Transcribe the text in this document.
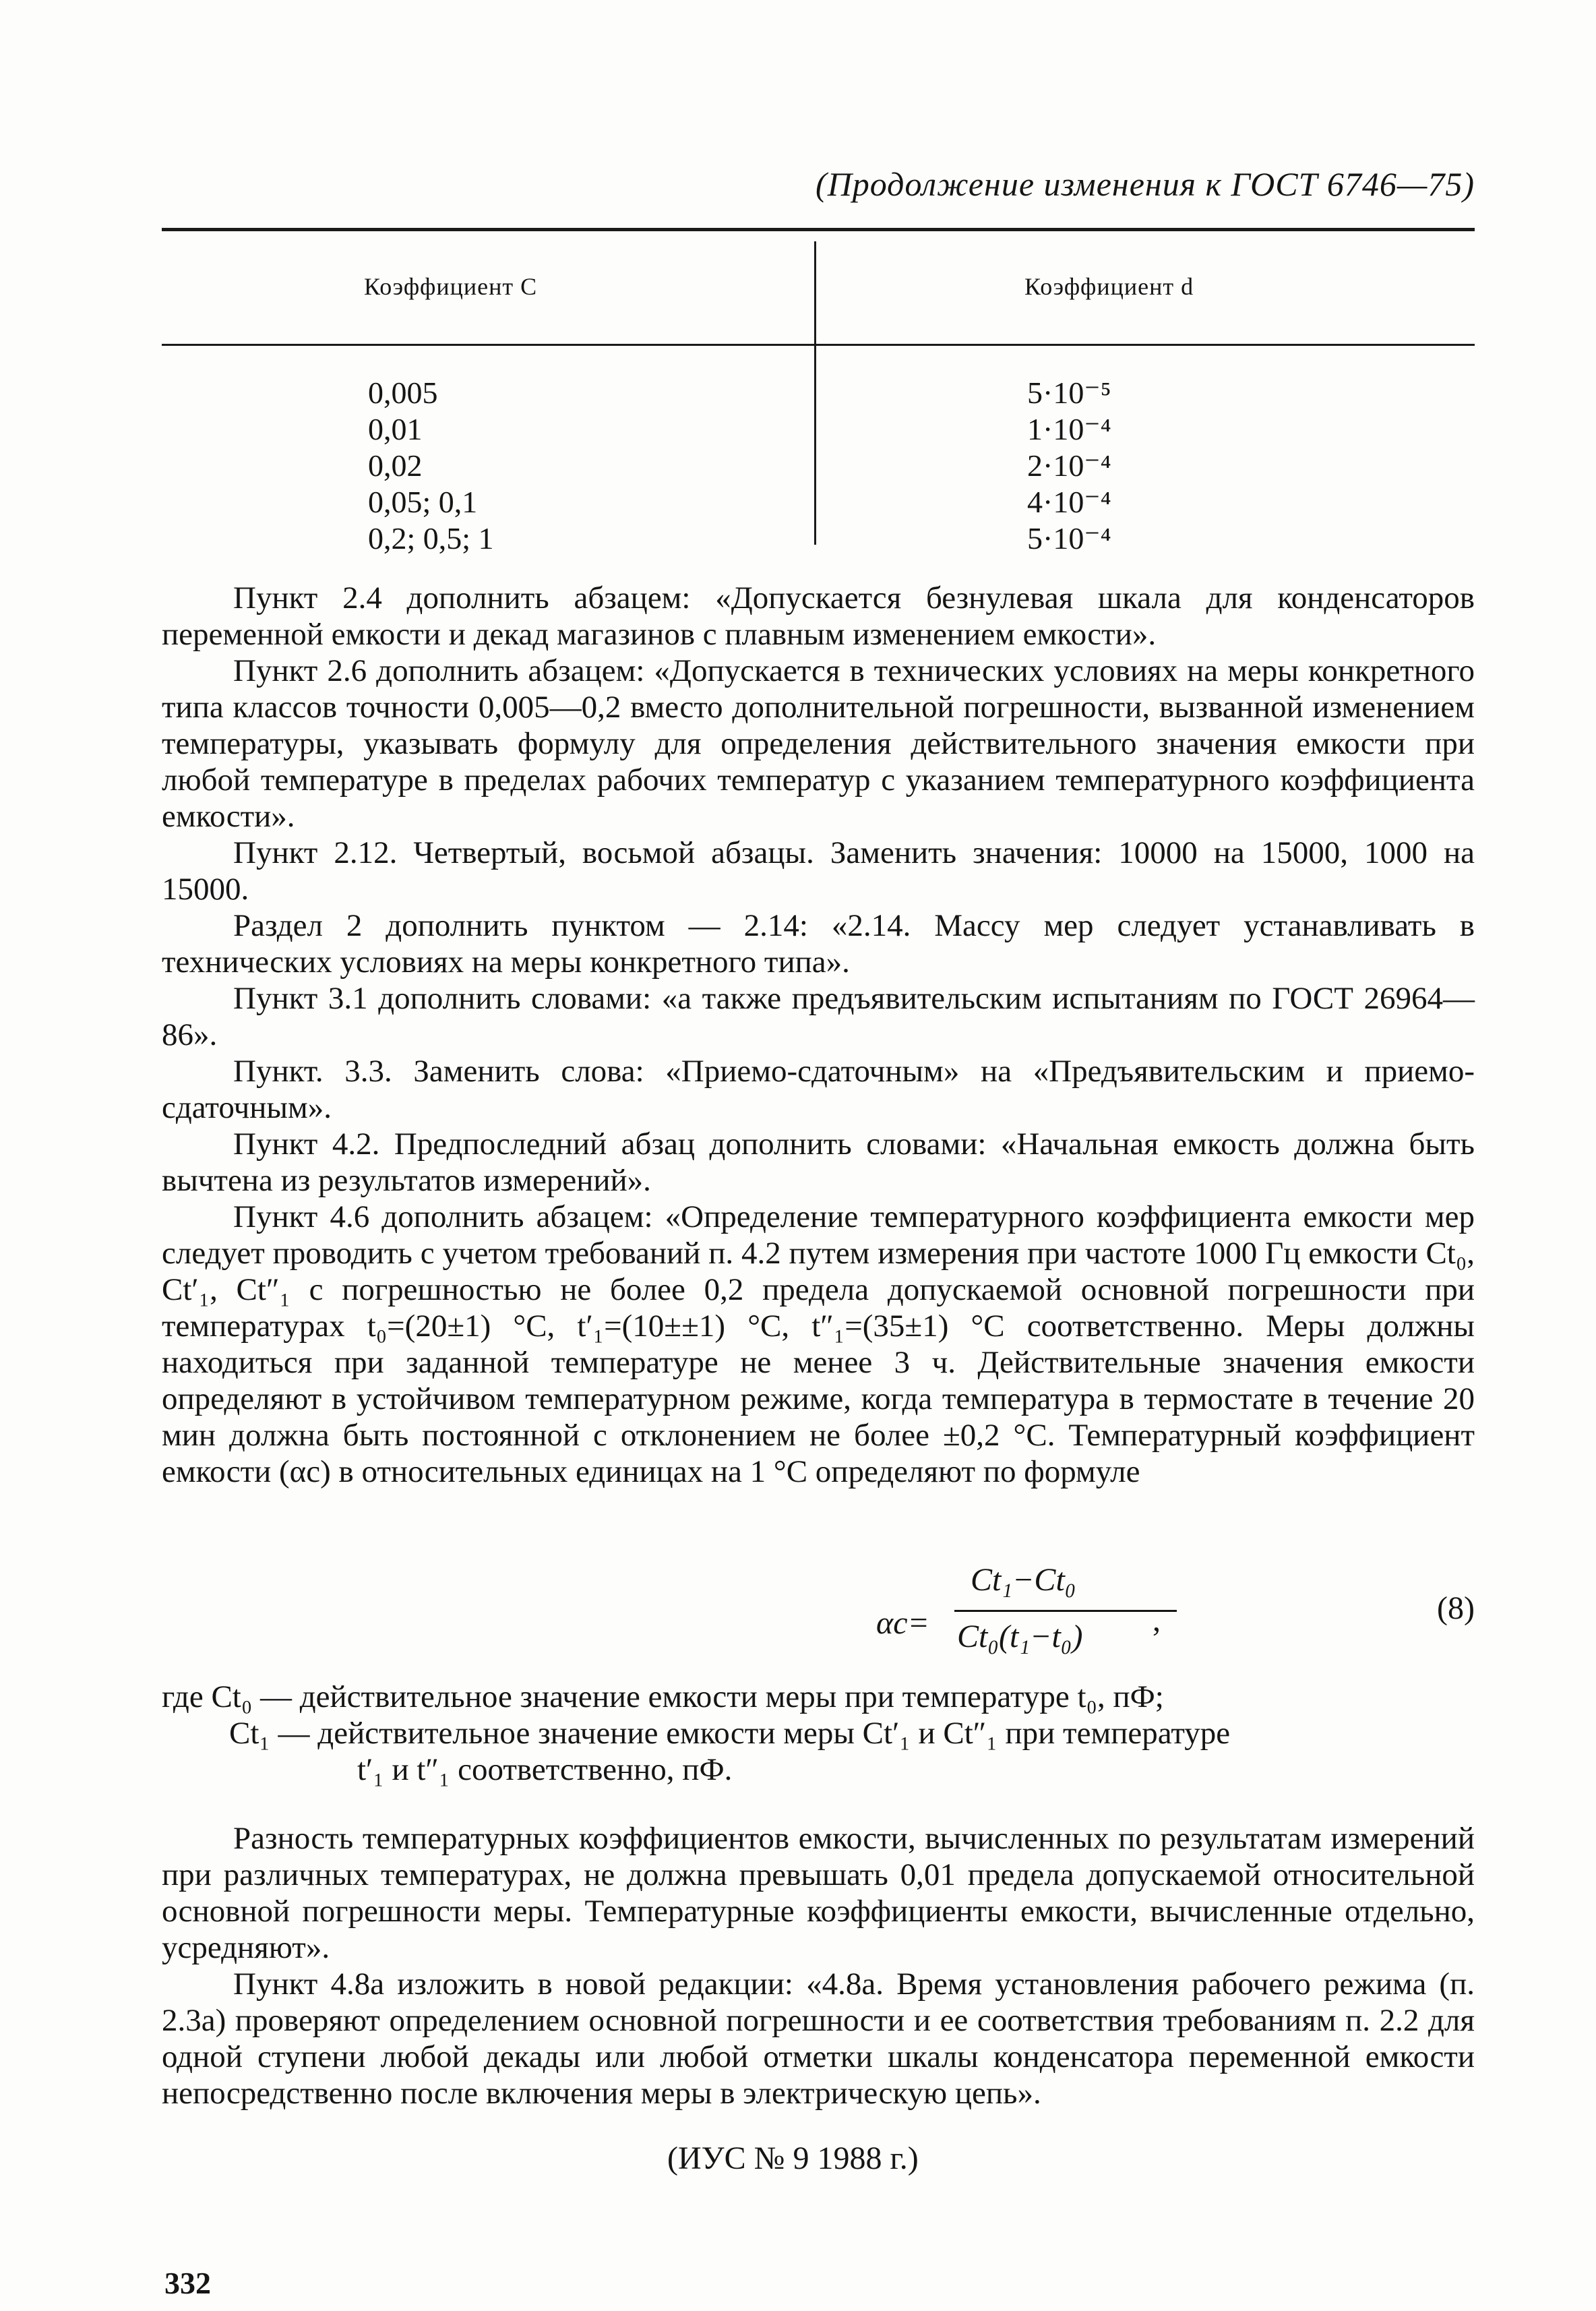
(Продолжение изменения к ГОСТ 6746—75)
Коэффициент C	Коэффициент d
0,005
0,01
0,02
0,05; 0,1
0,2; 0,5; 1
5·10⁻⁵
1·10⁻⁴
2·10⁻⁴
4·10⁻⁴
5·10⁻⁴

Пункт 2.4 дополнить абзацем: «Допускается безнулевая шкала для конденсаторов переменной емкости и декад магазинов с плавным изменением емкости».

Пункт 2.6 дополнить абзацем: «Допускается в технических условиях на меры конкретного типа классов точности 0,005—0,2 вместо дополнительной погрешности, вызванной изменением температуры, указывать формулу для определения действительного значения емкости при любой температуре в пределах рабочих температур с указанием температурного коэффициента емкости».

Пункт 2.12. Четвертый, восьмой абзацы. Заменить значения: 10000 на 15000, 1000 на 15000.

Раздел 2 дополнить пунктом — 2.14: «2.14. Массу мер следует устанавливать в технических условиях на меры конкретного типа».

Пункт 3.1 дополнить словами: «а также предъявительским испытаниям по ГОСТ 26964—86».

Пункт. 3.3. Заменить слова: «Приемо-сдаточным» на «Предъявительским и приемо-сдаточным».

Пункт 4.2. Предпоследний абзац дополнить словами: «Начальная емкость должна быть вычтена из результатов измерений».

Пункт 4.6 дополнить абзацем: «Определение температурного коэффициента емкости мер следует проводить с учетом требований п. 4.2 путем измерения при частоте 1000 Гц емкости Ct₀, Ct′₁, Ct″₁ с погрешностью не более 0,2 предела допускаемой основной погрешности при температурах t₀=(20±1) °C, t′₁=(10±±1) °C, t″₁=(35±1) °C соответственно. Меры должны находиться при заданной температуре не менее 3 ч. Действительные значения емкости определяют в устойчивом температурном режиме, когда температура в термостате в течение 20 мин должна быть постоянной с отклонением не более ±0,2 °C. Температурный коэффициент емкости (αc) в относительных единицах на 1 °C определяют по формуле

αc=
Ct₁−Ct₀
Ct₀(t₁−t₀) ,	(8)
где Ct₀ — действительное значение емкости меры при температуре t₀, пФ;
Ct₁ — действительное значение емкости меры Ct′₁ и Ct″₁ при температуре
t′₁ и t″₁ соответственно, пФ.

Разность температурных коэффициентов емкости, вычисленных по результатам измерений при различных температурах, не должна превышать 0,01 предела допускаемой относительной основной погрешности меры. Температурные коэффициенты емкости, вычисленные отдельно, усредняют».

Пункт 4.8а изложить в новой редакции: «4.8а. Время установления рабочего режима (п. 2.3а) проверяют определением основной погрешности и ее соответствия требованиям п. 2.2 для одной ступени любой декады или любой отметки шкалы конденсатора переменной емкости непосредственно после включения меры в электрическую цепь».

(ИУС № 9 1988 г.)
332
